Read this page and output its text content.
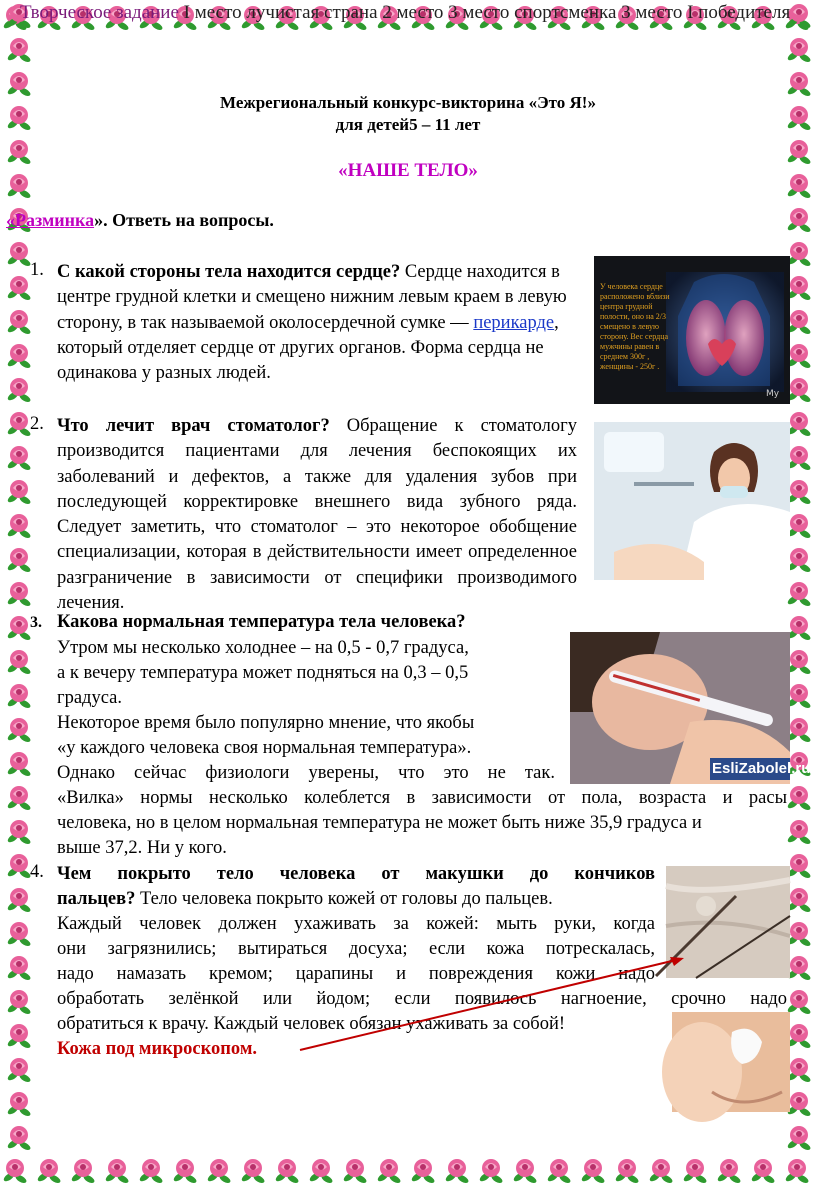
Творческое задание I место лучистая страна 2 место 3 место спортсменка 3 место I победителя
Межрегиональный конкурс-викторина «Это Я!»
для детей5 – 11 лет
«НАШЕ ТЕЛО»
«Разминка». Ответь на вопросы.
1. С какой стороны тела находится сердце? Сердце находится в центре грудной клетки и смещено нижним левым краем в левую сторону, в так называемой околосердечной сумке — перикарде, который отделяет сердце от других органов. Форма сердца не одинакова у разных людей.
My
У человека сердце расположено вблизи центра грудной полости, оно на 2/3 смещено в левую сторону. Вес сердца мужчины равен в среднем 300г , женщины - 250г .
2. Что лечит врач стоматолог? Обращение к стоматологу производится пациентами для лечения беспокоящих их заболеваний и дефектов, а также для удаления зубов при последующей корректировке внешнего вида зубного ряда. Следует заметить, что стоматолог – это некоторое обобщение специализации, которая в действительности имеет определенное разграничение в зависимости от специфики производимого лечения.
3. Какова нормальная температура тела человека?
Утром мы несколько холоднее – на 0,5 - 0,7 градуса,
а к вечеру температура может подняться на 0,3 – 0,5
градуса.
Некоторое время было популярно мнение, что якобы
«у каждого человека своя нормальная температура».
Однако сейчас физиологи уверены, что это не так.
«Вилка» нормы несколько колеблется в зависимости от пола, возраста и расы
человека, но в целом нормальная температура не может быть ниже 35,9 градуса и
выше 37,2. Ни у кого.
EsliZabolel.ru
4. Чем покрыто тело человека от макушки до кончиков
пальцев? Тело человека покрыто кожей от головы до пальцев.
Каждый человек должен ухаживать за кожей: мыть руки, когда
они загрязнились; вытираться досуха; если кожа потрескалась,
надо намазать кремом; царапины и повреждения кожи надо
обработать зелёнкой или йодом; если появилось нагноение, срочно надо
обратиться к врачу. Каждый человек обязан ухаживать за собой!
Кожа под микроскопом.
